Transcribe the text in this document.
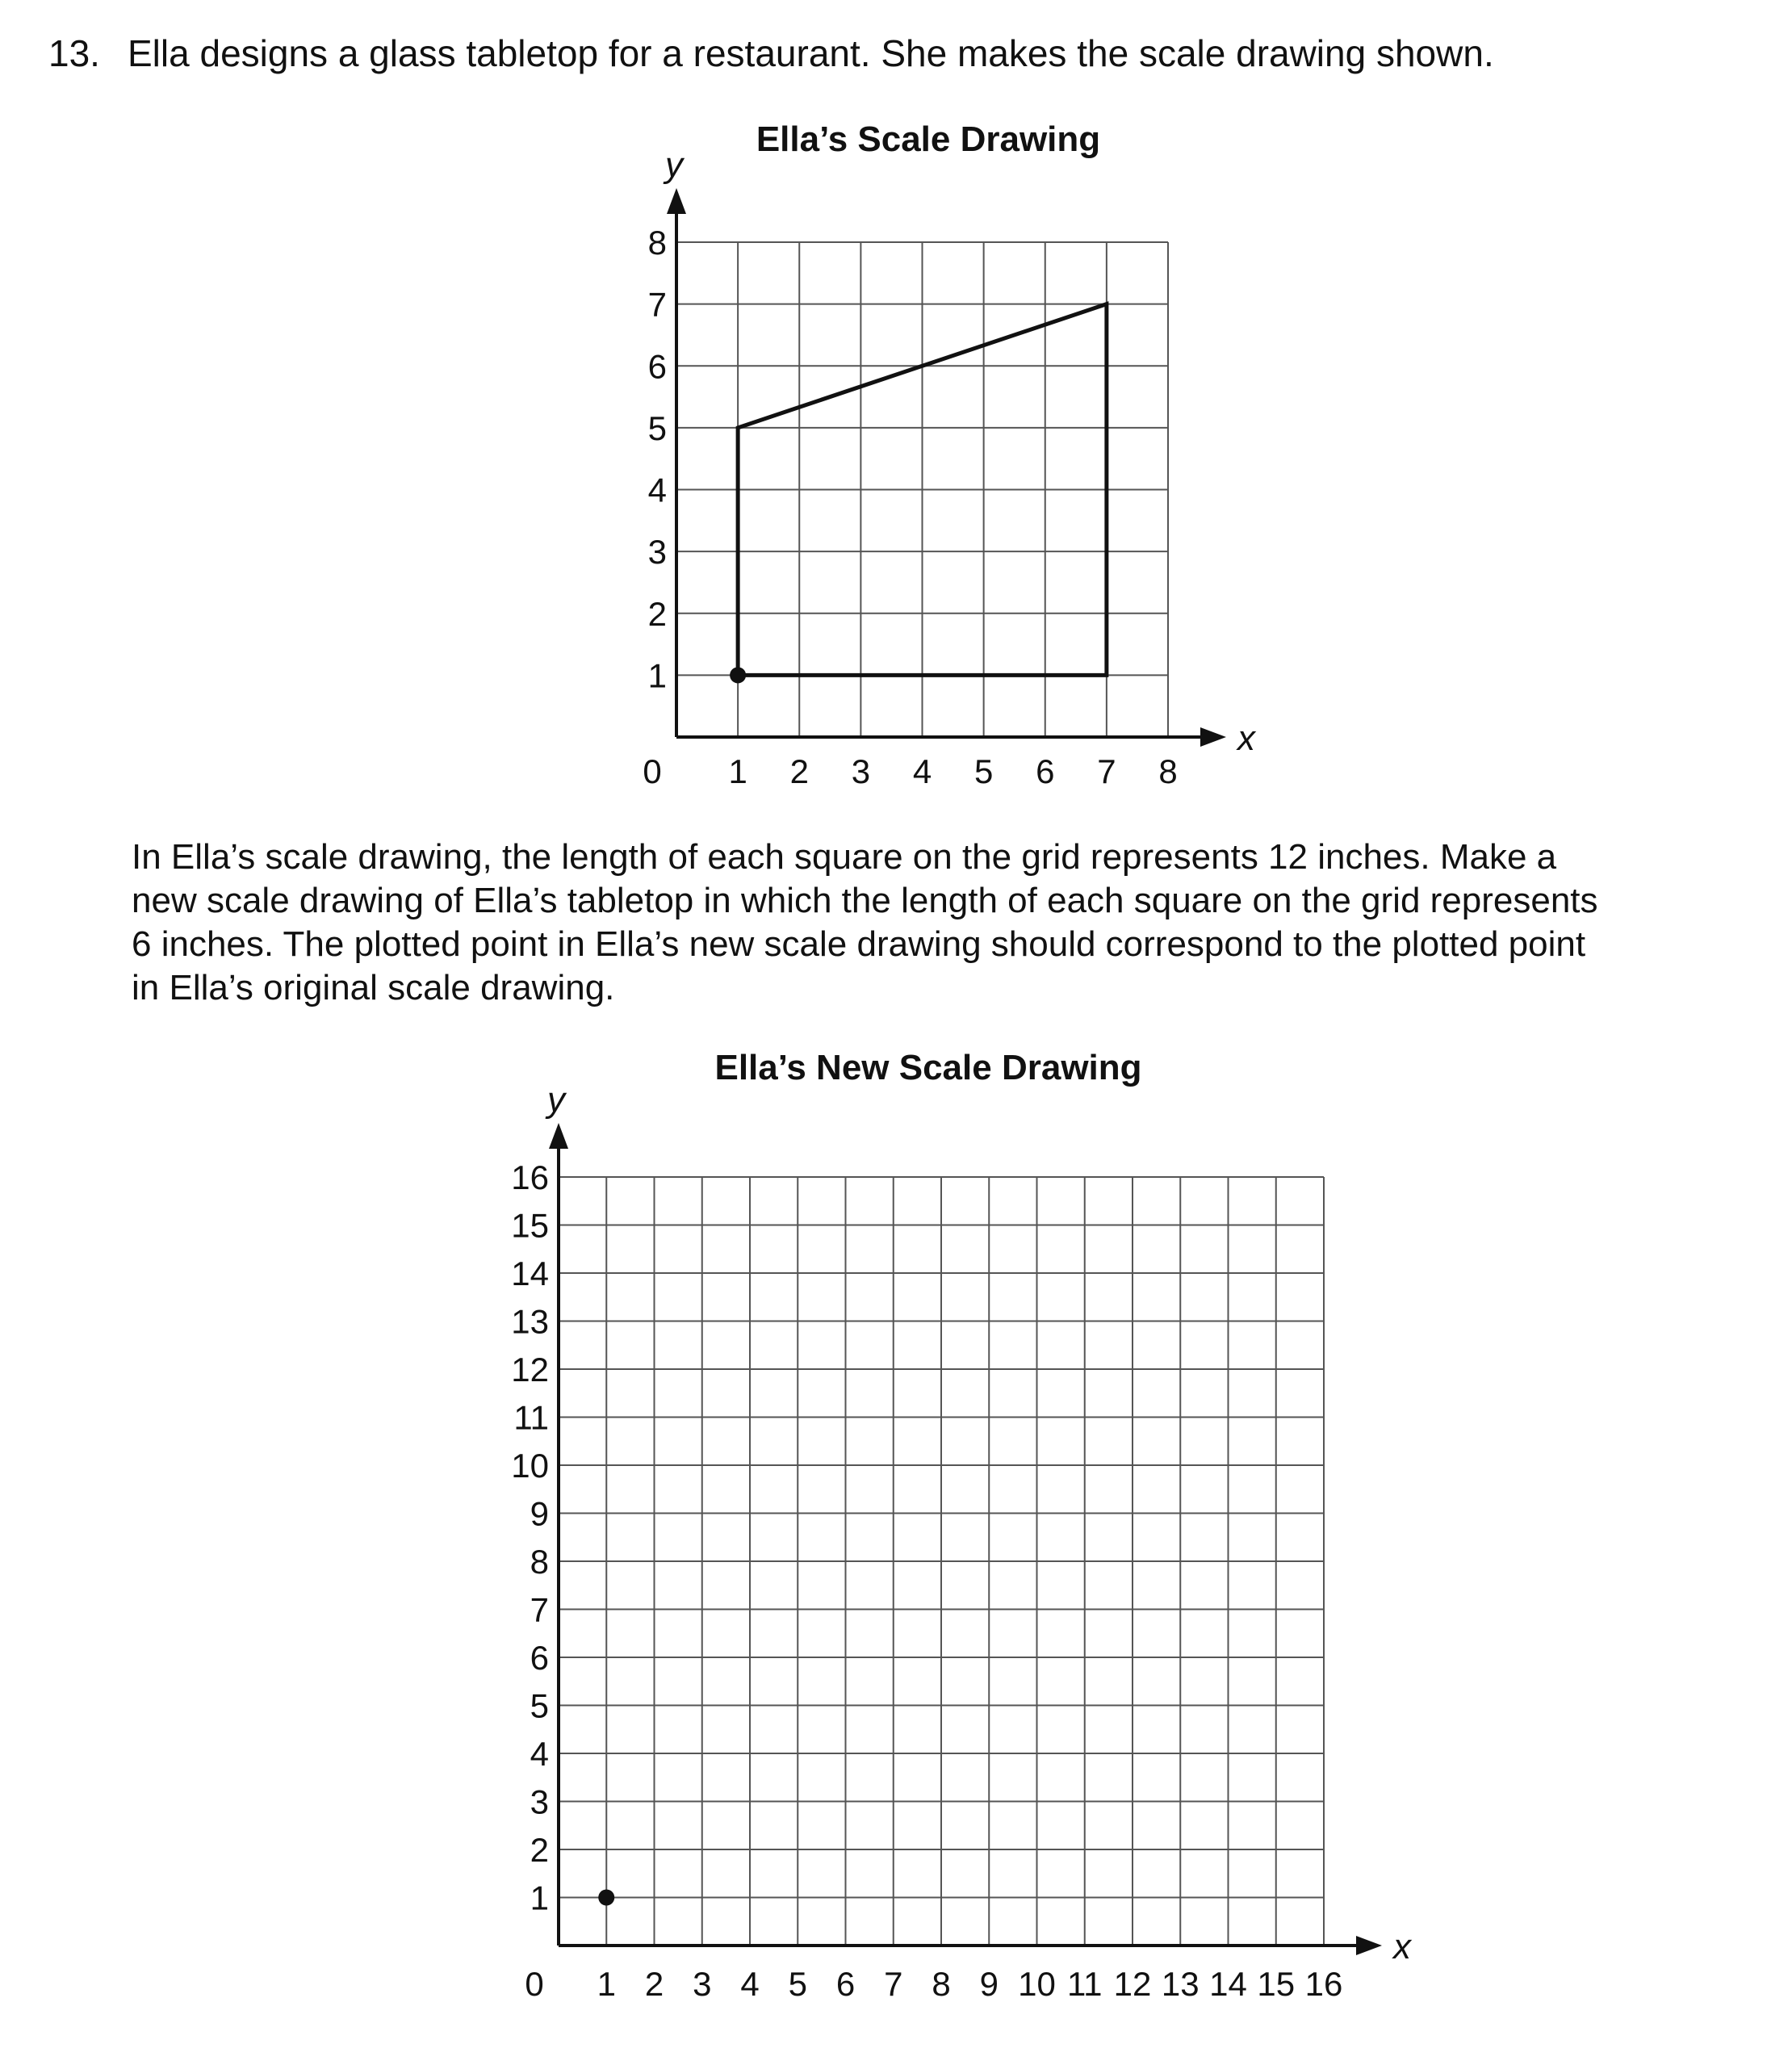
13. Ella designs a glass tabletop for a restaurant. She makes the scale drawing shown.
Ella’s Scale Drawing
x
y
0 1 2 3 4 5 6 7 8
1
2
3
4
5
6
7
8
In Ella’s scale drawing, the length of each square on the grid represents 12 inches. Make a
new scale drawing of Ella’s tabletop in which the length of each square on the grid represents
6 inches. The plotted point in Ella’s new scale drawing should correspond to the plotted point
in Ella’s original scale drawing.
Ella’s New Scale Drawing
x
y
0 1 2 3 4 5 6 7 8 9 10 11 12 13 14 15 16
1
2
3
4
5
6
7
8
9
10
11
12
13
14
15
16
